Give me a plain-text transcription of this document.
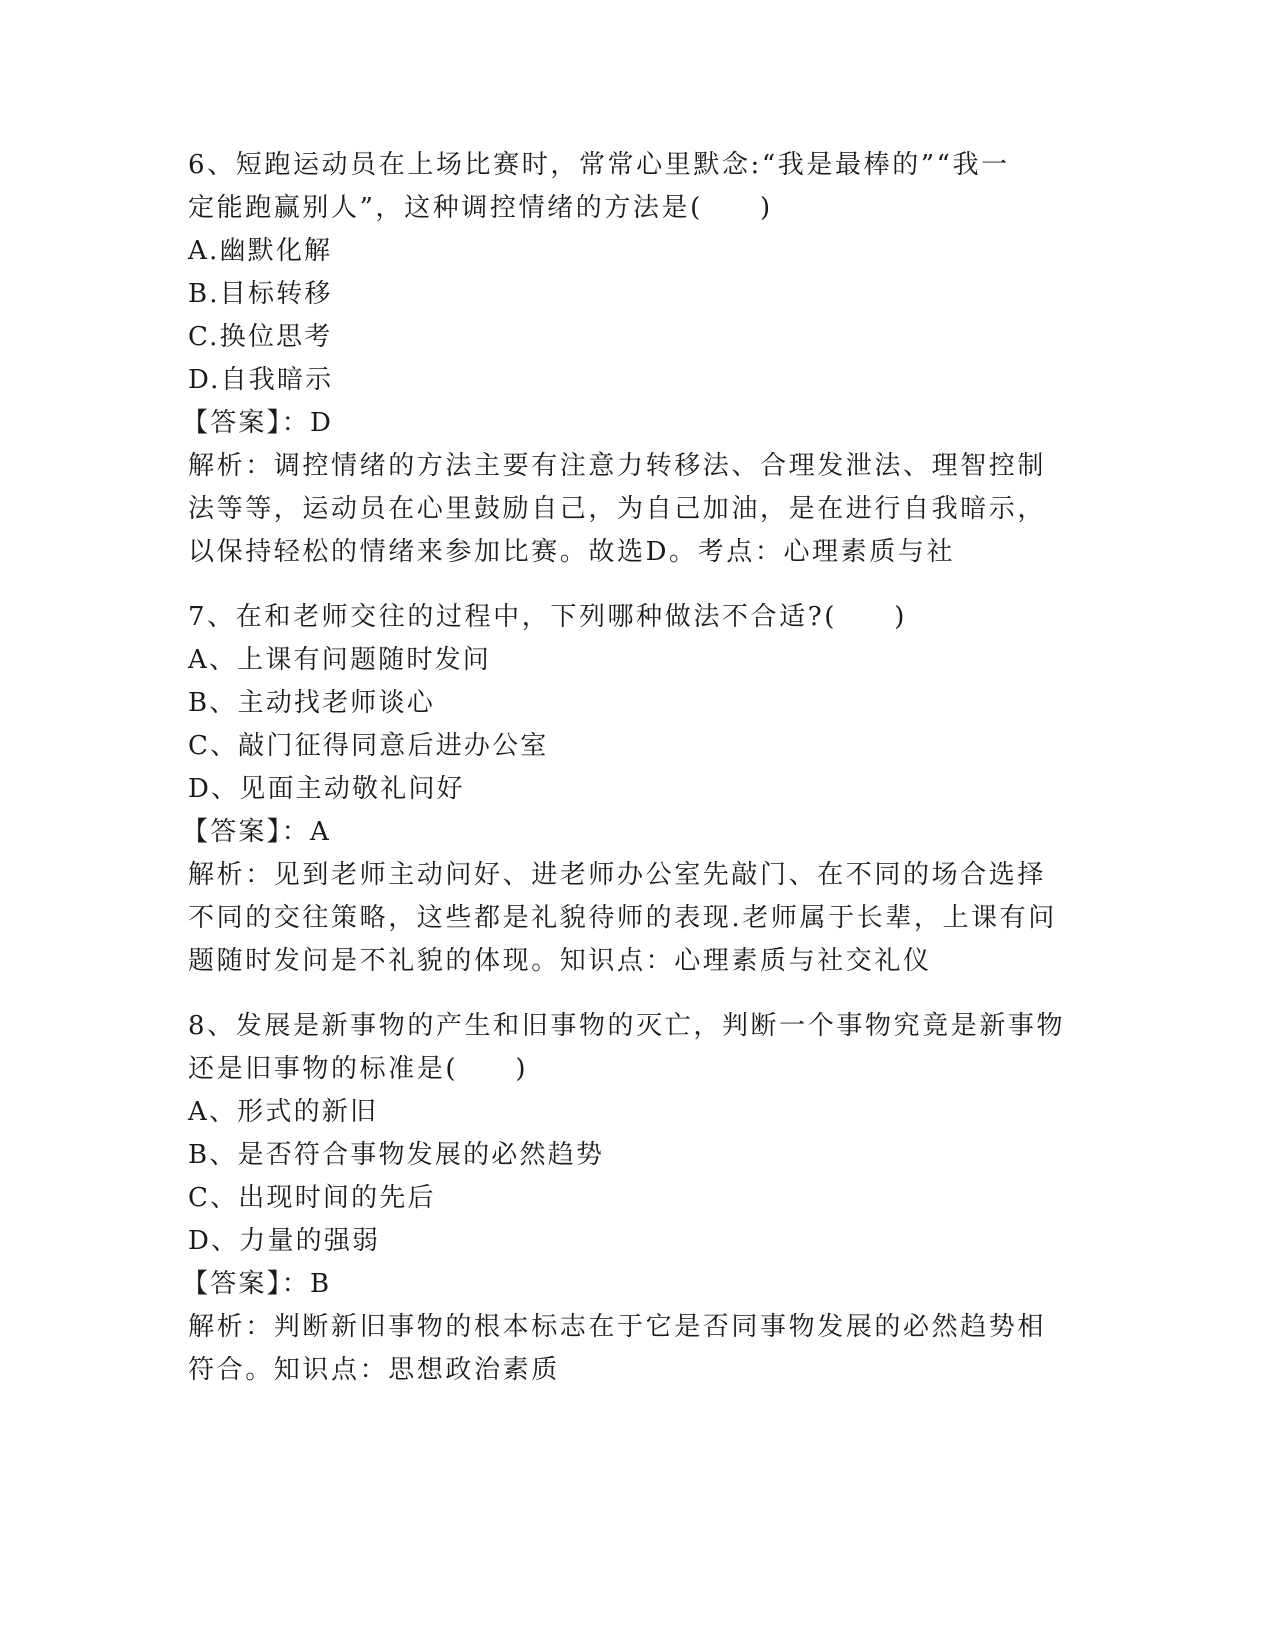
6、短跑运动员在上场比赛时，常常心里默念:“我是最棒的”“我一

定能跑赢别人”，这种调控情绪的方法是(　　)

A.幽默化解

B.目标转移

C.换位思考

D.自我暗示

【答案】：D

解析：调控情绪的方法主要有注意力转移法、合理发泄法、理智控制

法等等，运动员在心里鼓励自己，为自己加油，是在进行自我暗示，

以保持轻松的情绪来参加比赛。故选D。考点：心理素质与社

7、在和老师交往的过程中，下列哪种做法不合适?(　　)

A、上课有问题随时发问

B、主动找老师谈心

C、敲门征得同意后进办公室

D、见面主动敬礼问好

【答案】：A

解析：见到老师主动问好、进老师办公室先敲门、在不同的场合选择

不同的交往策略，这些都是礼貌待师的表现.老师属于长辈，上课有问

题随时发问是不礼貌的体现。知识点：心理素质与社交礼仪

8、发展是新事物的产生和旧事物的灭亡，判断一个事物究竟是新事物

还是旧事物的标准是(　　)

A、形式的新旧

B、是否符合事物发展的必然趋势

C、出现时间的先后

D、力量的强弱

【答案】：B

解析：判断新旧事物的根本标志在于它是否同事物发展的必然趋势相

符合。知识点：思想政治素质
